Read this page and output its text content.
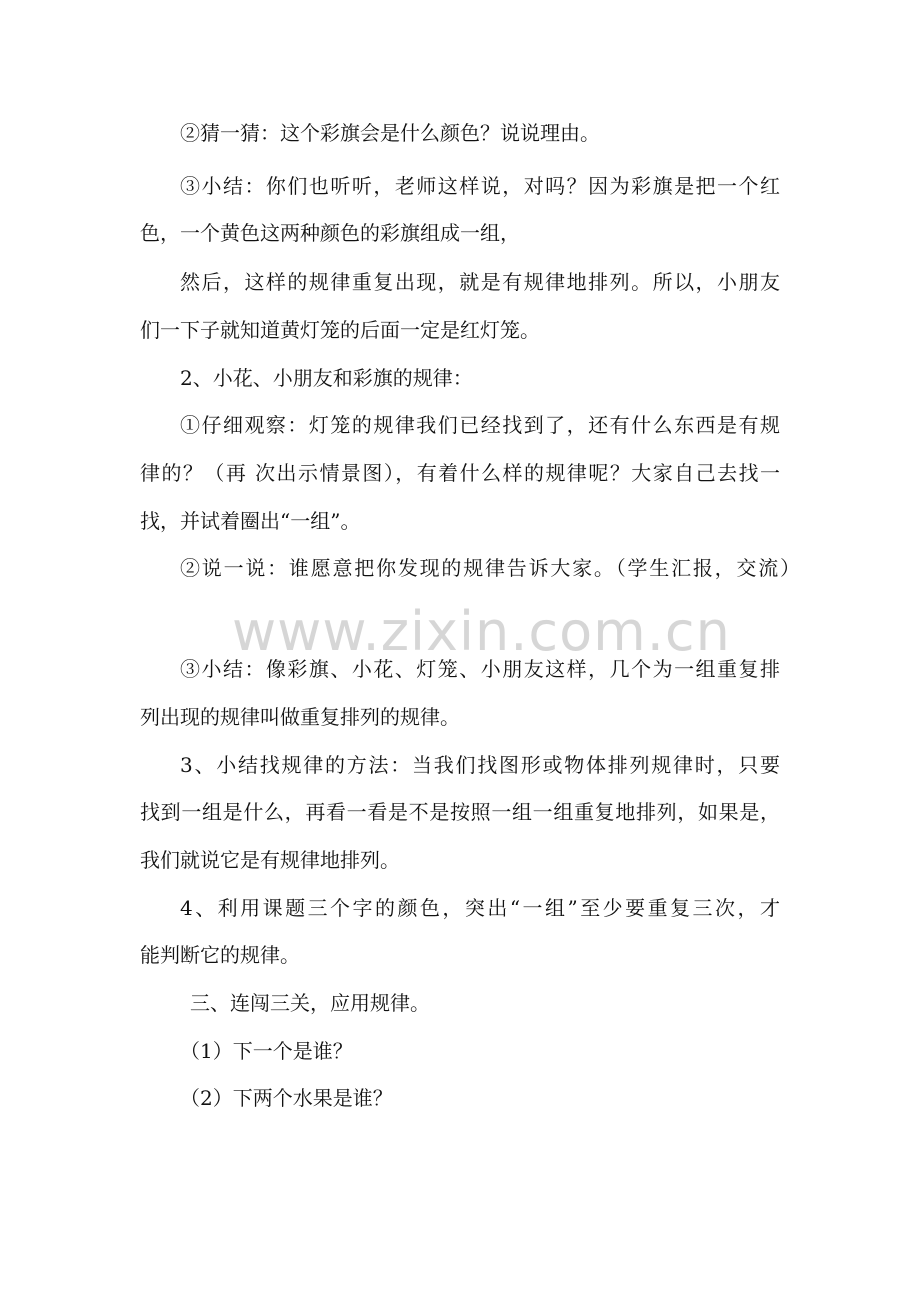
②猜一猜：这个彩旗会是什么颜色？说说理由。
③小结：你们也听听，老师这样说，对吗？因为彩旗是把一个红
色，一个黄色这两种颜色的彩旗组成一组，
然后，这样的规律重复出现，就是有规律地排列。所以，小朋友
们一下子就知道黄灯笼的后面一定是红灯笼。
2、小花、小朋友和彩旗的规律：
①仔细观察：灯笼的规律我们已经找到了，还有什么东西是有规
律的？（再 次出示情景图），有着什么样的规律呢？大家自己去找一
找，并试着圈出“一组”。
②说一说：谁愿意把你发现的规律告诉大家。（学生汇报，交流）
www.zixin.com.cn
③小结：像彩旗、小花、灯笼、小朋友这样，几个为一组重复排
列出现的规律叫做重复排列的规律。
3、小结找规律的方法：当我们找图形或物体排列规律时，只要
找到一组是什么，再看一看是不是按照一组一组重复地排列，如果是，
我们就说它是有规律地排列。
4、利用课题三个字的颜色，突出“一组”至少要重复三次，才
能判断它的规律。
三、连闯三关，应用规律。
（1）下一个是谁？
（2）下两个水果是谁？
